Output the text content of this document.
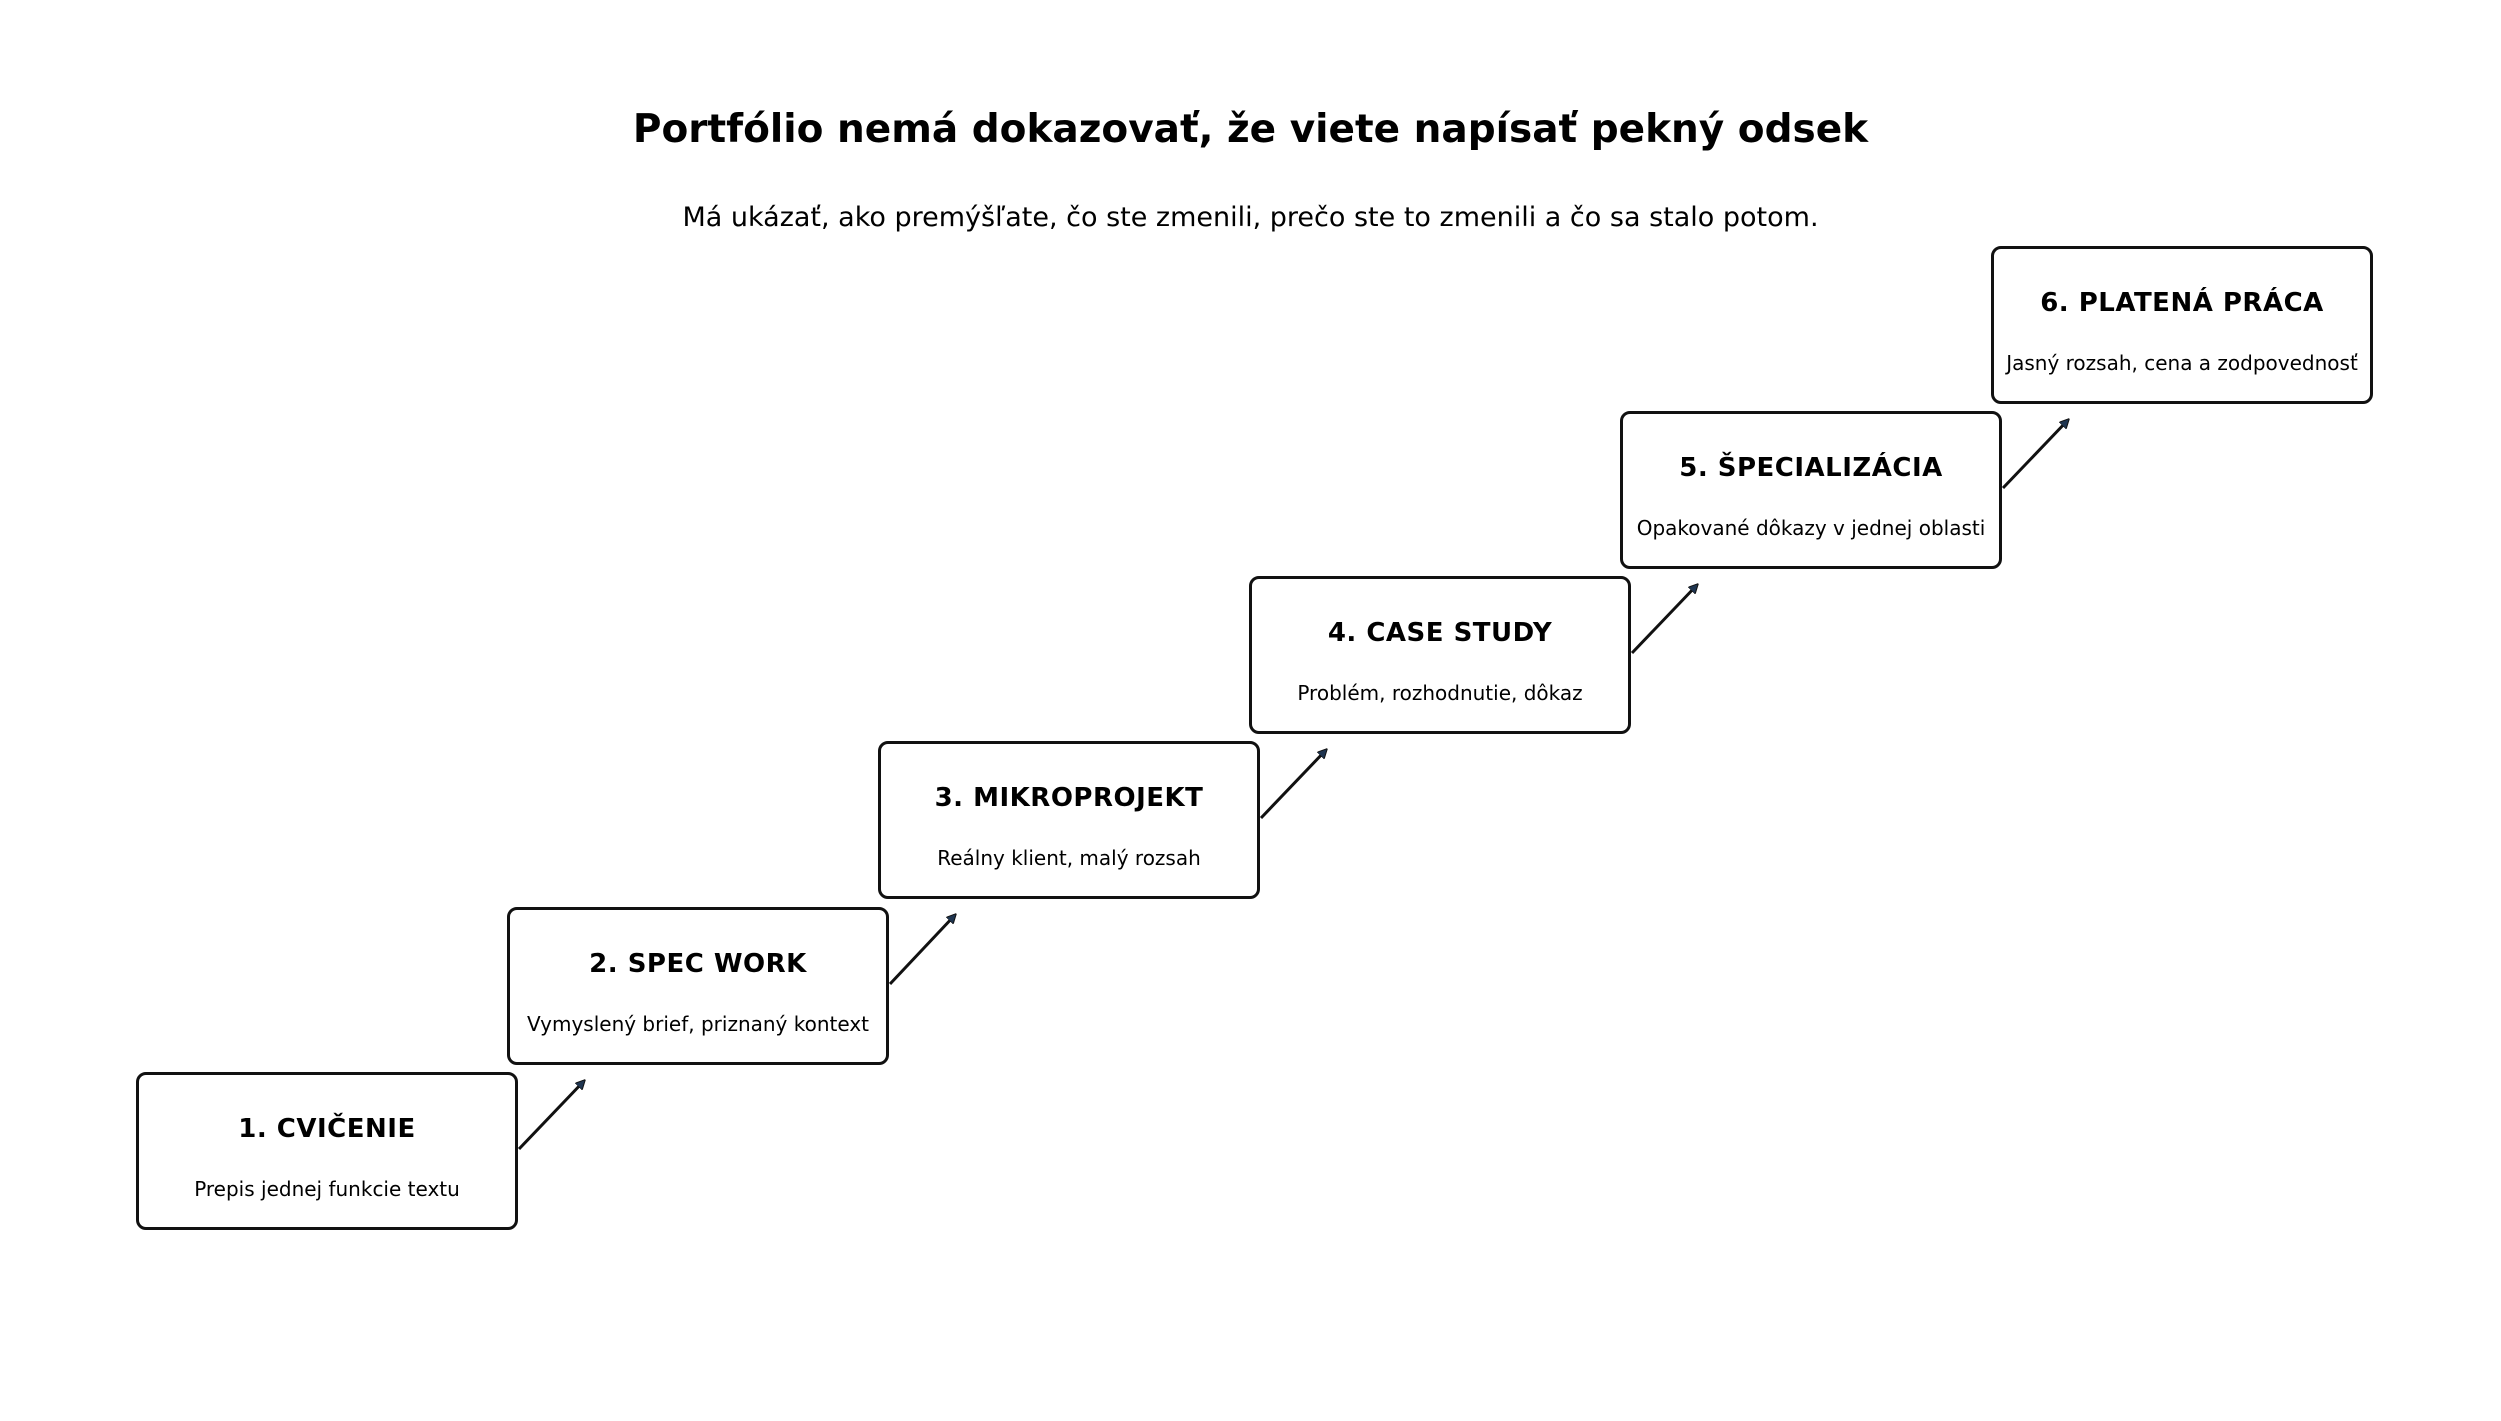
Portfólio nemá dokazovať, že viete napísať pekný odsek

Má ukázať, ako premýšľate, čo ste zmenili, prečo ste to zmenili a čo sa stalo potom.

1. CVIČENIE
Prepis jednej funkcie textu
2. SPEC WORK
Vymyslený brief, priznaný kontext
3. MIKROPROJEKT
Reálny klient, malý rozsah
4. CASE STUDY
Problém, rozhodnutie, dôkaz
5. ŠPECIALIZÁCIA
Opakované dôkazy v jednej oblasti
6. PLATENÁ PRÁCA
Jasný rozsah, cena a zodpovednosť
